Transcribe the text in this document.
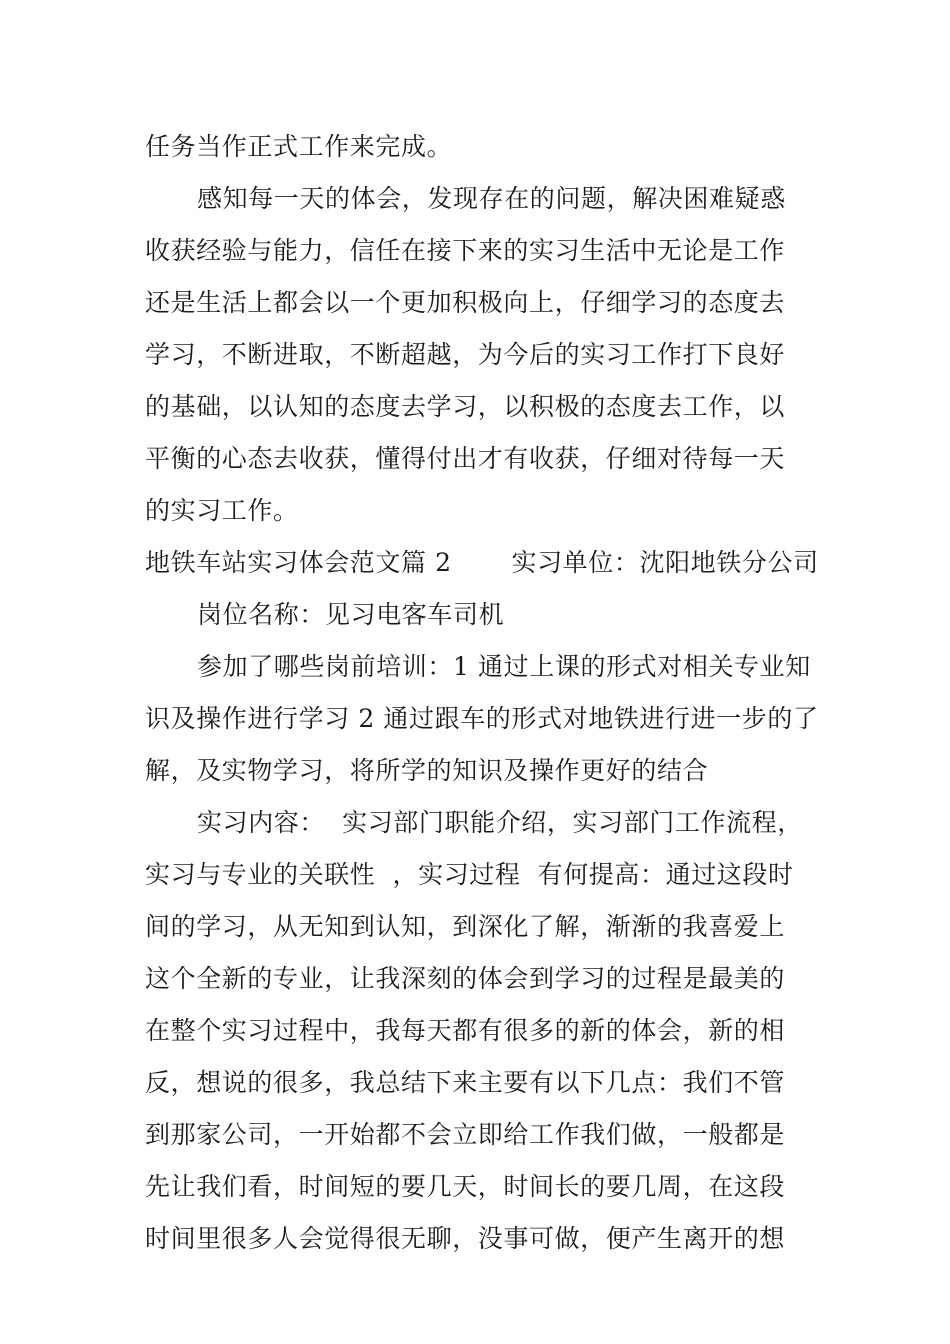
任务当作正式工作来完成。
感知每一天的体会，发现存在的问题，解决困难疑惑
收获经验与能力，信任在接下来的实习生活中无论是工作
还是生活上都会以一个更加积极向上，仔细学习的态度去
学习，不断进取，不断超越，为今后的实习工作打下良好
的基础，以认知的态度去学习，以积极的态度去工作，以
平衡的心态去收获，懂得付出才有收获，仔细对待每一天
的实习工作。
地铁车站实习体会范文篇 2       实习单位：沈阳地铁分公司
岗位名称：见习电客车司机
参加了哪些岗前培训：1 通过上课的形式对相关专业知
识及操作进行学习 2 通过跟车的形式对地铁进行进一步的了
解，及实物学习，将所学的知识及操作更好的结合
实习内容：  实习部门职能介绍，实习部门工作流程，
实习与专业的关联性  ，实习过程  有何提高：通过这段时
间的学习，从无知到认知，到深化了解，渐渐的我喜爱上
这个全新的专业，让我深刻的体会到学习的过程是最美的
在整个实习过程中，我每天都有很多的新的体会，新的相
反，想说的很多，我总结下来主要有以下几点：我们不管
到那家公司，一开始都不会立即给工作我们做，一般都是
先让我们看，时间短的要几天，时间长的要几周，在这段
时间里很多人会觉得很无聊，没事可做，便产生离开的想
